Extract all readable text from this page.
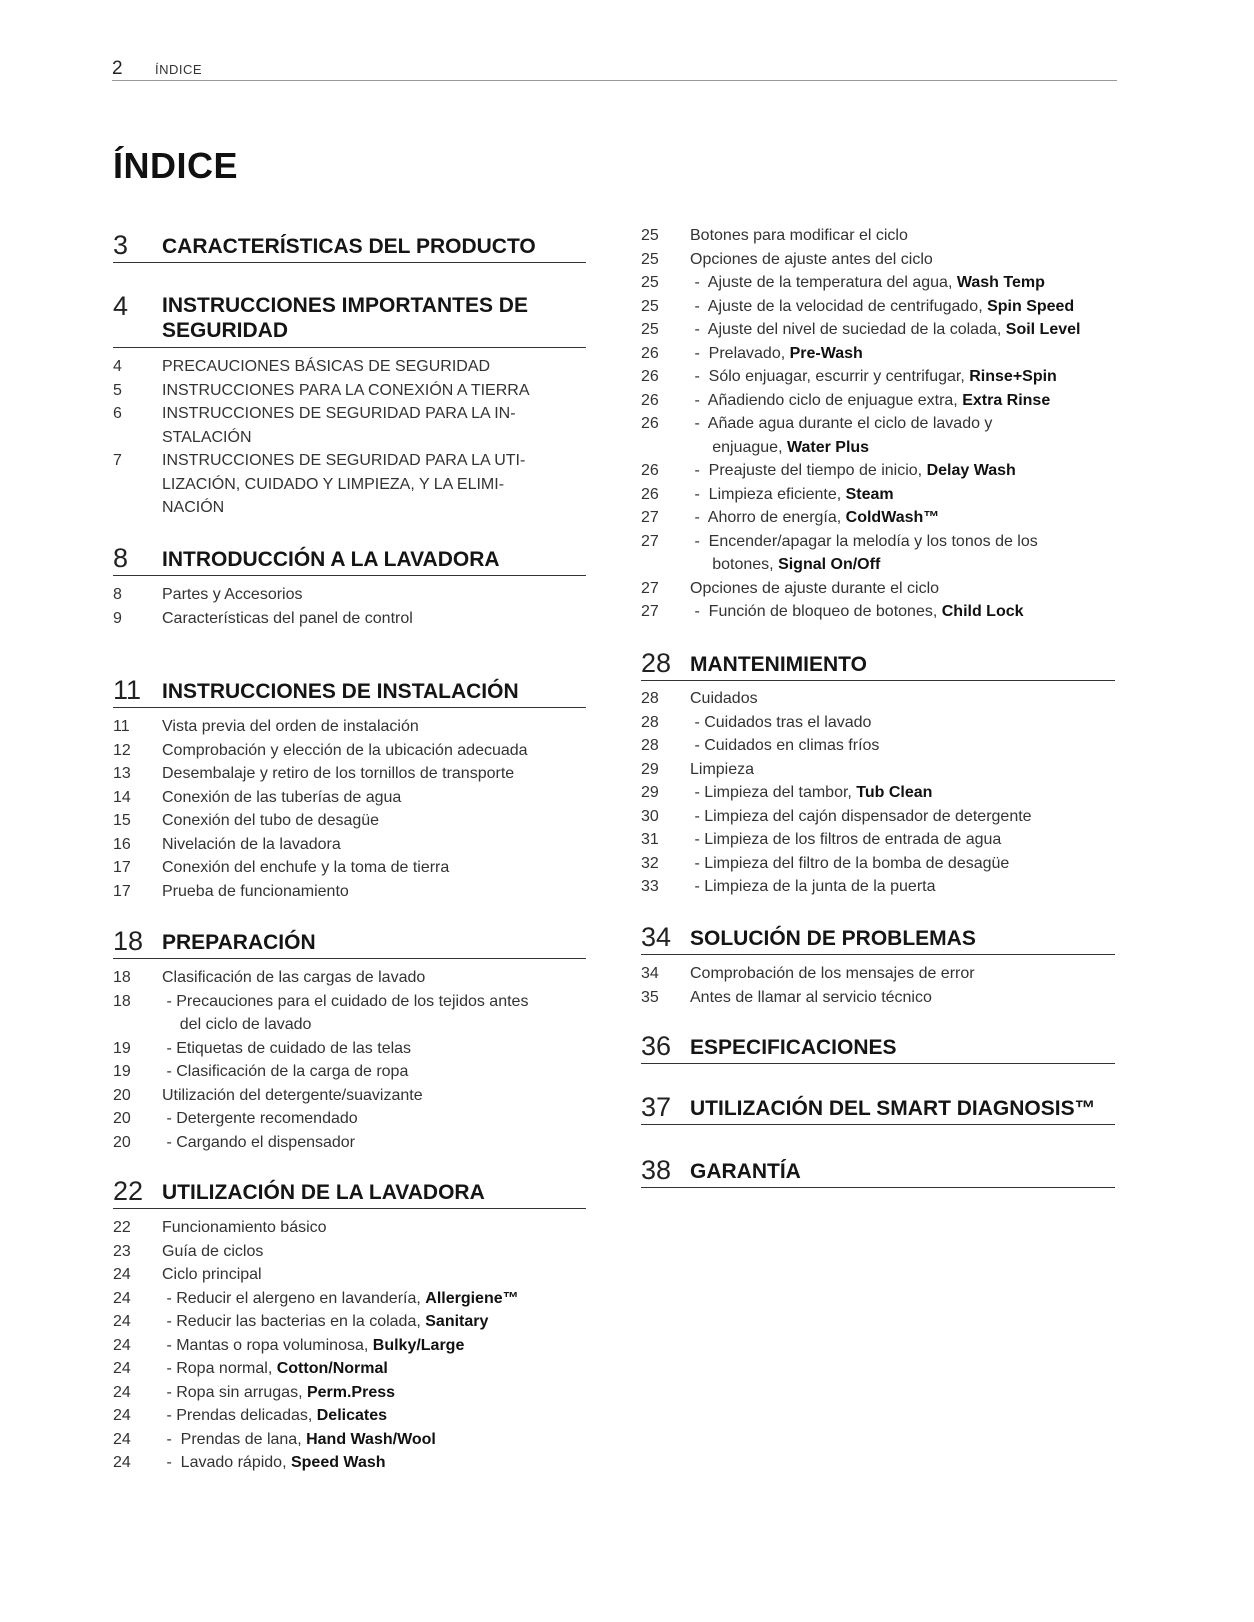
2 ÍNDICE
ÍNDICE
3 CARACTERÍSTICAS DEL PRODUCTO
4 INSTRUCCIONES IMPORTANTES DE
SEGURIDAD
4	PRECAUCIONES BÁSICAS DE SEGURIDAD
5	INSTRUCCIONES PARA LA CONEXIÓN A TIERRA
6	INSTRUCCIONES DE SEGURIDAD PARA LA IN-
STALACIÓN
7	INSTRUCCIONES DE SEGURIDAD PARA LA UTI-
LIZACIÓN, CUIDADO Y LIMPIEZA, Y LA ELIMI-
NACIÓN
8 INTRODUCCIÓN A LA LAVADORA
8	Partes y Accesorios
9	Características del panel de control
11 INSTRUCCIONES DE INSTALACIÓN
11 Vista previa del orden de instalación
12 Comprobación y elección de la ubicación adecuada
13 Desembalaje y retiro de los tornillos de transporte
14 Conexión de las tuberías de agua
15 Conexión del tubo de desagüe
16 Nivelación de la lavadora
17 Conexión del enchufe y la toma de tierra
17 Prueba de funcionamiento
18 PREPARACIÓN
18 Clasificación de las cargas de lavado
18 - Precauciones para el cuidado de los tejidos antes
del ciclo de lavado
19 - Etiquetas de cuidado de las telas
19 - Clasificación de la carga de ropa
20 Utilización del detergente/suavizante
20 - Detergente recomendado
20 - Cargando el dispensador
22 UTILIZACIÓN DE LA LAVADORA
22 Funcionamiento básico
23 Guía de ciclos
24 Ciclo principal
24 - Reducir el alergeno en lavandería, Allergiene™
24 - Reducir las bacterias en la colada, Sanitary
24 - Mantas o ropa voluminosa, Bulky/Large
24 - Ropa normal, Cotton/Normal
24 - Ropa sin arrugas, Perm.Press
24 - Prendas delicadas, Delicates
24 -  Prendas de lana, Hand Wash/Wool
24 -  Lavado rápido, Speed Wash
25 Botones para modificar el ciclo
25 Opciones de ajuste antes del ciclo
25 -  Ajuste de la temperatura del agua, Wash Temp
25 -  Ajuste de la velocidad de centrifugado, Spin Speed
25 -  Ajuste del nivel de suciedad de la colada, Soil Level
26 -  Prelavado, Pre-Wash
26 -  Sólo enjuagar, escurrir y centrifugar, Rinse+Spin
26 -  Añadiendo ciclo de enjuague extra, Extra Rinse
26 -  Añade agua durante el ciclo de lavado y
enjuague, Water Plus
26 -  Preajuste del tiempo de inicio, Delay Wash
26 -  Limpieza eficiente, Steam
27 -  Ahorro de energía, ColdWash™
27 -  Encender/apagar la melodía y los tonos de los
botones, Signal On/Off
27 Opciones de ajuste durante el ciclo
27 -  Función de bloqueo de botones, Child Lock
28 MANTENIMIENTO
28 Cuidados
28 - Cuidados tras el lavado
28 - Cuidados en climas fríos
29 Limpieza
29 - Limpieza del tambor, Tub Clean
30 - Limpieza del cajón dispensador de detergente
31 - Limpieza de los filtros de entrada de agua
32 - Limpieza del filtro de la bomba de desagüe
33 - Limpieza de la junta de la puerta
34 SOLUCIÓN DE PROBLEMAS
34 Comprobación de los mensajes de error
35 Antes de llamar al servicio técnico
36 ESPECIFICACIONES
37 UTILIZACIÓN DEL SMART DIAGNOSIS™
38 GARANTÍA
